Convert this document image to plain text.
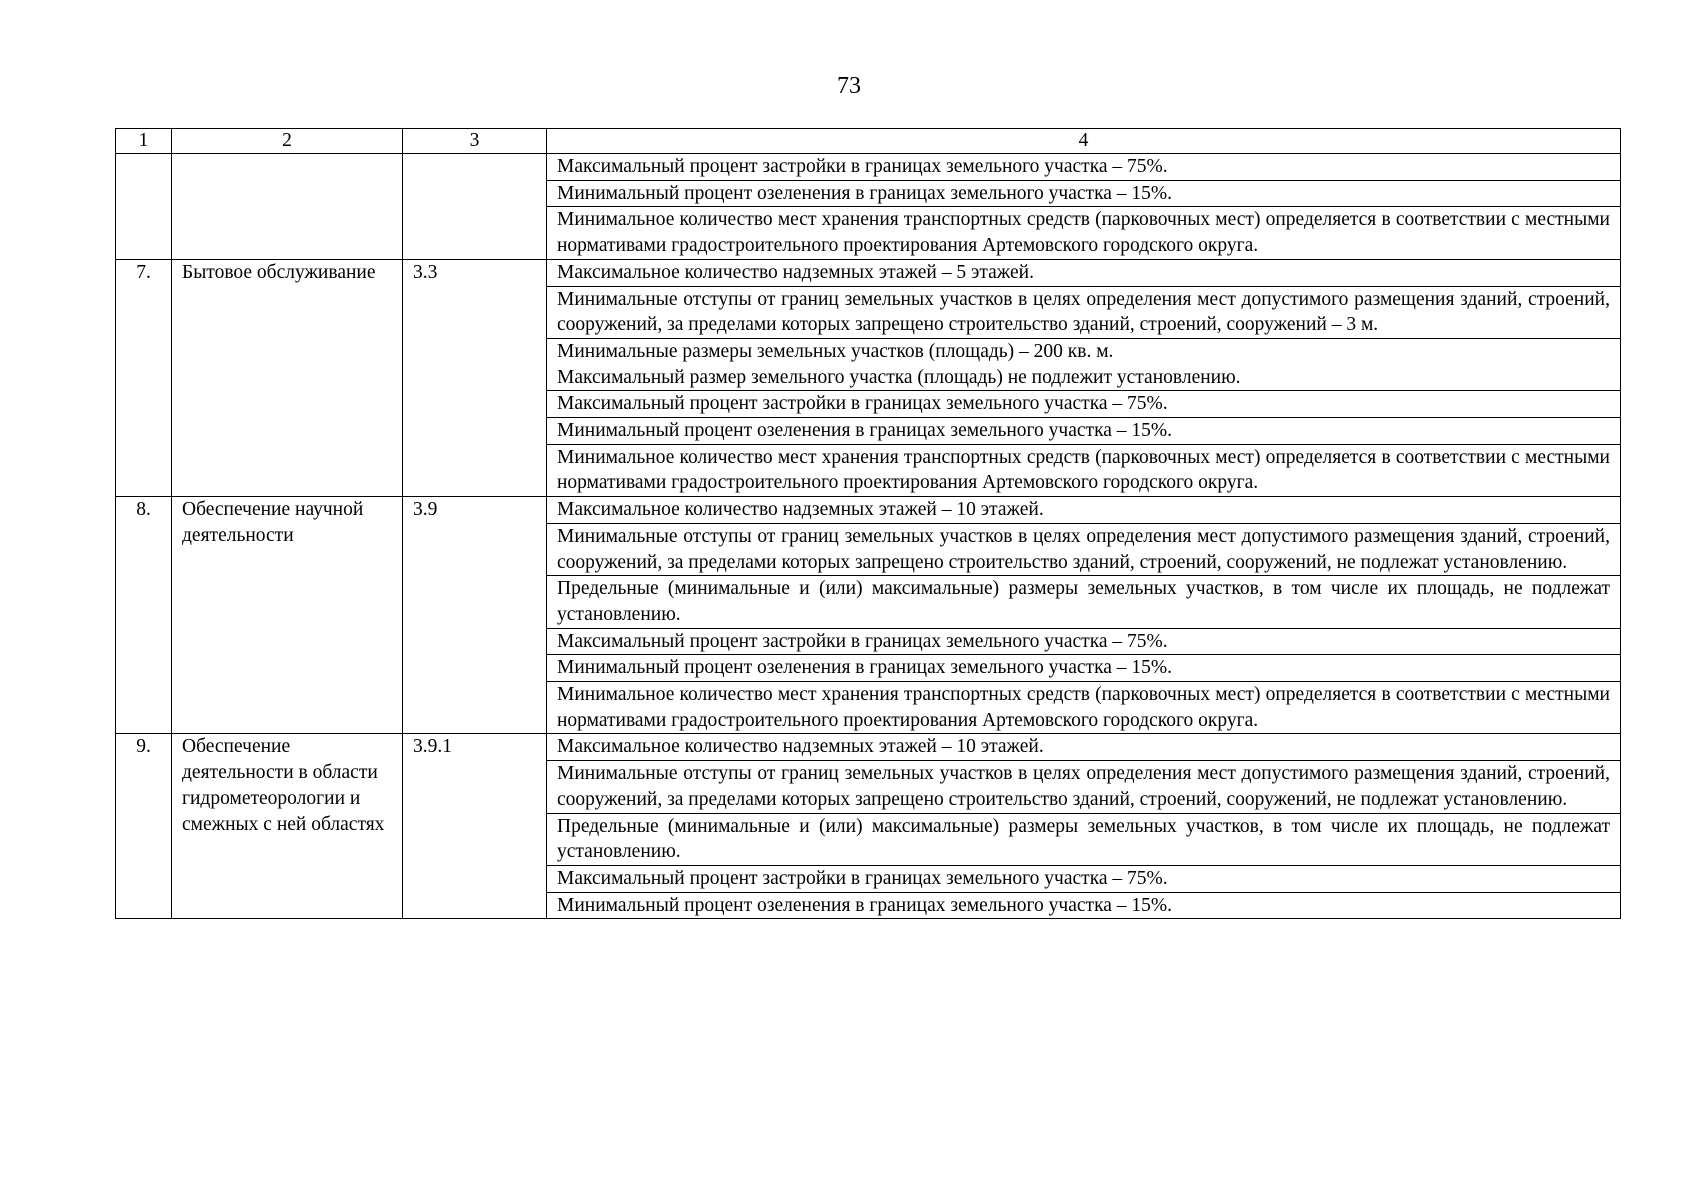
73
1	2	3	4

			Максимальный процент застройки в границах земельного участка – 75%.

			Минимальный процент озеленения в границах земельного участка – 15%.

			Минимальное количество мест хранения транспортных средств (парковочных мест) определяется в соответствии с местными нормативами градостроительного проектирования Артемовского городского округа.

7.	Бытовое обслуживание	3.3	Максимальное количество надземных этажей – 5 этажей.

			Минимальные отступы от границ земельных участков в целях определения мест допустимого размещения зданий, строений, сооружений, за пределами которых запрещено строительство зданий, строений, сооружений – 3 м.

			Минимальные размеры земельных участков (площадь) – 200 кв. м.
Максимальный размер земельного участка (площадь) не подлежит установлению.

			Максимальный процент застройки в границах земельного участка – 75%.

			Минимальный процент озеленения в границах земельного участка – 15%.

			Минимальное количество мест хранения транспортных средств (парковочных мест) определяется в соответствии с местными нормативами градостроительного проектирования Артемовского городского округа.

8.	Обеспечение научной деятельности	3.9	Максимальное количество надземных этажей – 10 этажей.

			Минимальные отступы от границ земельных участков в целях определения мест допустимого размещения зданий, строений, сооружений, за пределами которых запрещено строительство зданий, строений, сооружений, не подлежат установлению.

			Предельные (минимальные и (или) максимальные) размеры земельных участков, в том числе их площадь, не подлежат установлению.

			Максимальный процент застройки в границах земельного участка – 75%.

			Минимальный процент озеленения в границах земельного участка – 15%.

			Минимальное количество мест хранения транспортных средств (парковочных мест) определяется в соответствии с местными нормативами градостроительного проектирования Артемовского городского округа.

9.	Обеспечение деятельности в области гидрометеорологии и смежных с ней областях	3.9.1	Максимальное количество надземных этажей – 10 этажей.

			Минимальные отступы от границ земельных участков в целях определения мест допустимого размещения зданий, строений, сооружений, за пределами которых запрещено строительство зданий, строений, сооружений, не подлежат установлению.

			Предельные (минимальные и (или) максимальные) размеры земельных участков, в том числе их площадь, не подлежат установлению.

			Максимальный процент застройки в границах земельного участка – 75%.

			Минимальный процент озеленения в границах земельного участка – 15%.
